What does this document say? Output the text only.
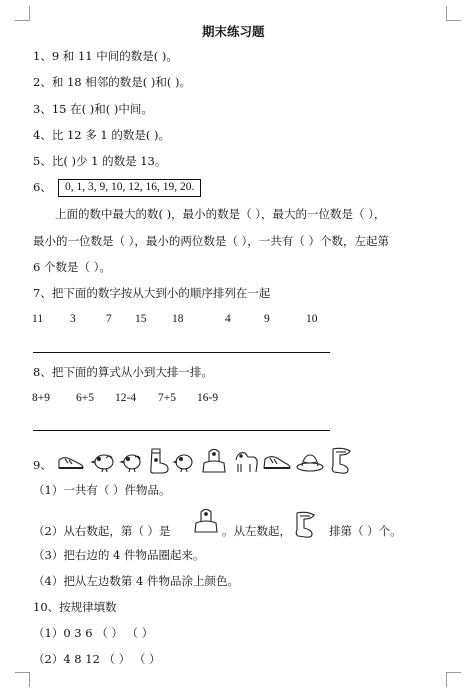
期末练习题
1、9 和 11 中间的数是( )。
2、和 18 相邻的数是( )和( )。
3、15 在( )和( )中间。
4、比 12 多 1 的数是( )。
5、比( )少 1 的数是 13。
6、	0, 1, 3, 9, 10, 12, 16, 19, 20.
上面的数中最大的数( )，最小的数是（ ），最大的一位数是（ ），
最小的一位数是（ ），最小的两位数是（ ），一共有（ ）个数，左起第
6 个数是（ ）。
7、把下面的数字按从大到小的顺序排列在一起
11 3	7 15 18	4	9	10
8、把下面的算式从小到大排一排。
8+9 6+5 12-4 7+5 16-9
9、
（1）一共有（ ）件物品。
（2）从右数起，第（ ）是	。从左数起，	排第（ ）个。
（3）把右边的 4 件物品圈起来。
（4）把从左边数第 4 件物品涂上颜色。
10、按规律填数
（1）0 3 6 （ ） （ ）
（2）4 8 12 （ ） （ ）
